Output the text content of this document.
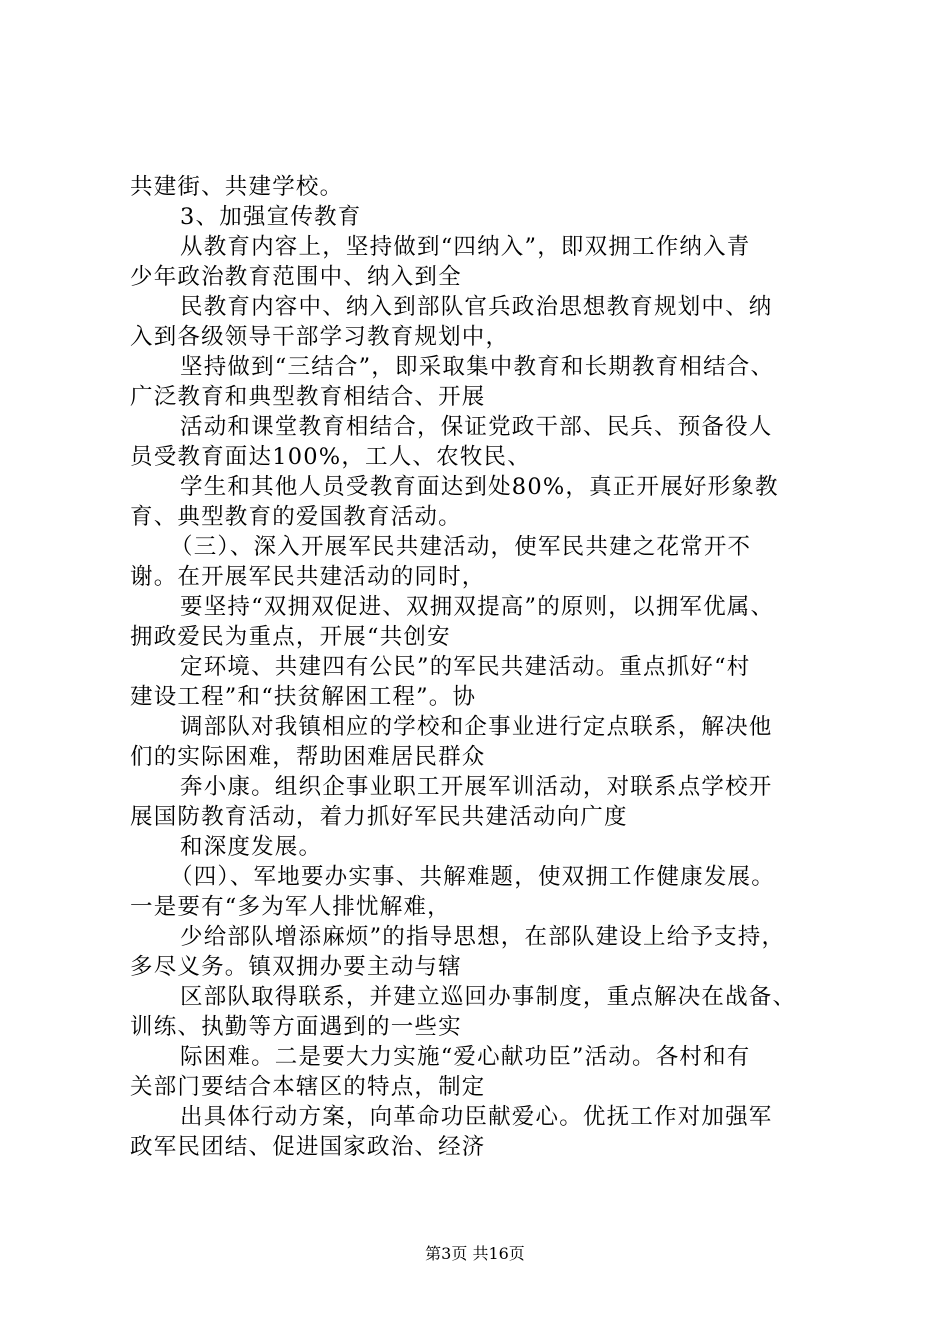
共建街、共建学校。
3、加强宣传教育
从教育内容上，坚持做到“四纳入”，即双拥工作纳入青
少年政治教育范围中、纳入到全
民教育内容中、纳入到部队官兵政治思想教育规划中、纳
入到各级领导干部学习教育规划中，
坚持做到“三结合”，即采取集中教育和长期教育相结合、
广泛教育和典型教育相结合、开展
活动和课堂教育相结合，保证党政干部、民兵、预备役人
员受教育面达100%，工人、农牧民、
学生和其他人员受教育面达到处80%，真正开展好形象教
育、典型教育的爱国教育活动。
（三）、深入开展军民共建活动，使军民共建之花常开不
谢。在开展军民共建活动的同时，
要坚持“双拥双促进、双拥双提高”的原则，以拥军优属、
拥政爱民为重点，开展“共创安
定环境、共建四有公民”的军民共建活动。重点抓好“村
建设工程”和“扶贫解困工程”。协
调部队对我镇相应的学校和企事业进行定点联系，解决他
们的实际困难，帮助困难居民群众
奔小康。组织企事业职工开展军训活动，对联系点学校开
展国防教育活动，着力抓好军民共建活动向广度
和深度发展。
（四）、军地要办实事、共解难题，使双拥工作健康发展。
一是要有“多为军人排忧解难，
少给部队增添麻烦”的指导思想，在部队建设上给予支持，
多尽义务。镇双拥办要主动与辖
区部队取得联系，并建立巡回办事制度，重点解决在战备、
训练、执勤等方面遇到的一些实
际困难。二是要大力实施“爱心献功臣”活动。各村和有
关部门要结合本辖区的特点，制定
出具体行动方案，向革命功臣献爱心。优抚工作对加强军
政军民团结、促进国家政治、经济
第3页 共16页
